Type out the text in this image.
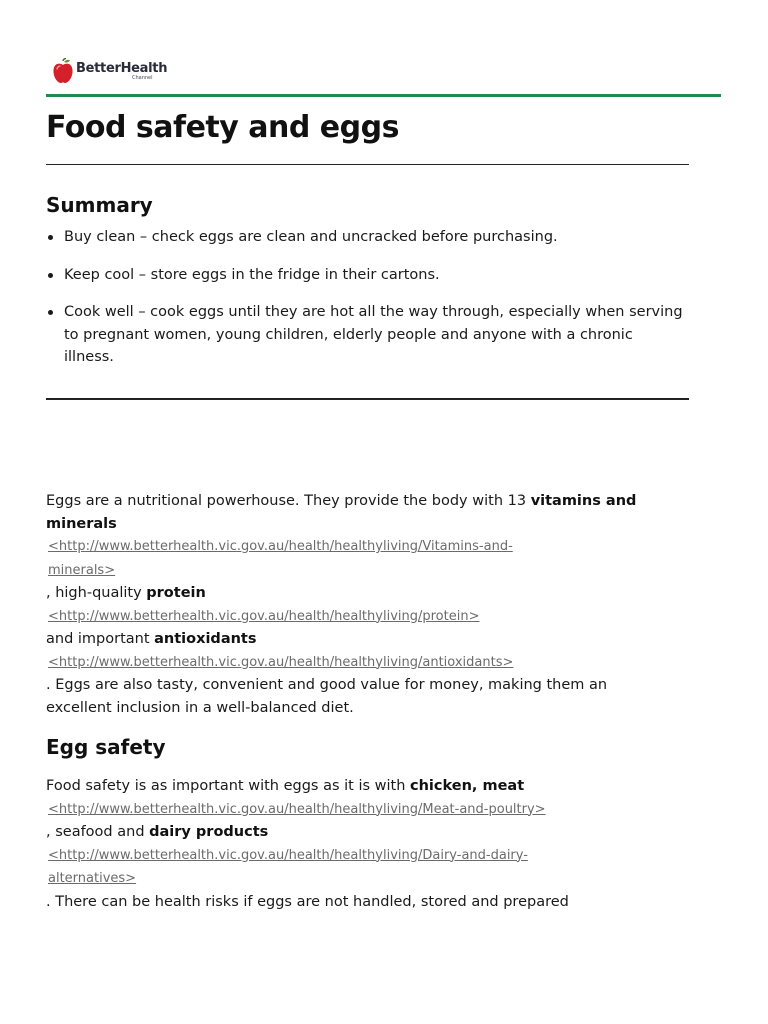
BetterHealth
Channel
Food safety and eggs
Summary
Buy clean – check eggs are clean and uncracked before purchasing.
Keep cool – store eggs in the fridge in their cartons.
Cook well – cook eggs until they are hot all the way through, especially when serving to pregnant women, young children, elderly people and anyone with a chronic illness.

Eggs are a nutritional powerhouse. They provide the body with 13 vitamins and minerals
<http://www.betterhealth.vic.gov.au/health/healthyliving/Vitamins-and-
minerals>
, high-quality protein
<http://www.betterhealth.vic.gov.au/health/healthyliving/protein>
and important antioxidants
<http://www.betterhealth.vic.gov.au/health/healthyliving/antioxidants>
. Eggs are also tasty, convenient and good value for money, making them an excellent inclusion in a well-balanced diet.

Egg safety

Food safety is as important with eggs as it is with chicken, meat
<http://www.betterhealth.vic.gov.au/health/healthyliving/Meat-and-poultry>
, seafood and dairy products
<http://www.betterhealth.vic.gov.au/health/healthyliving/Dairy-and-dairy-
alternatives>
. There can be health risks if eggs are not handled, stored and prepared
